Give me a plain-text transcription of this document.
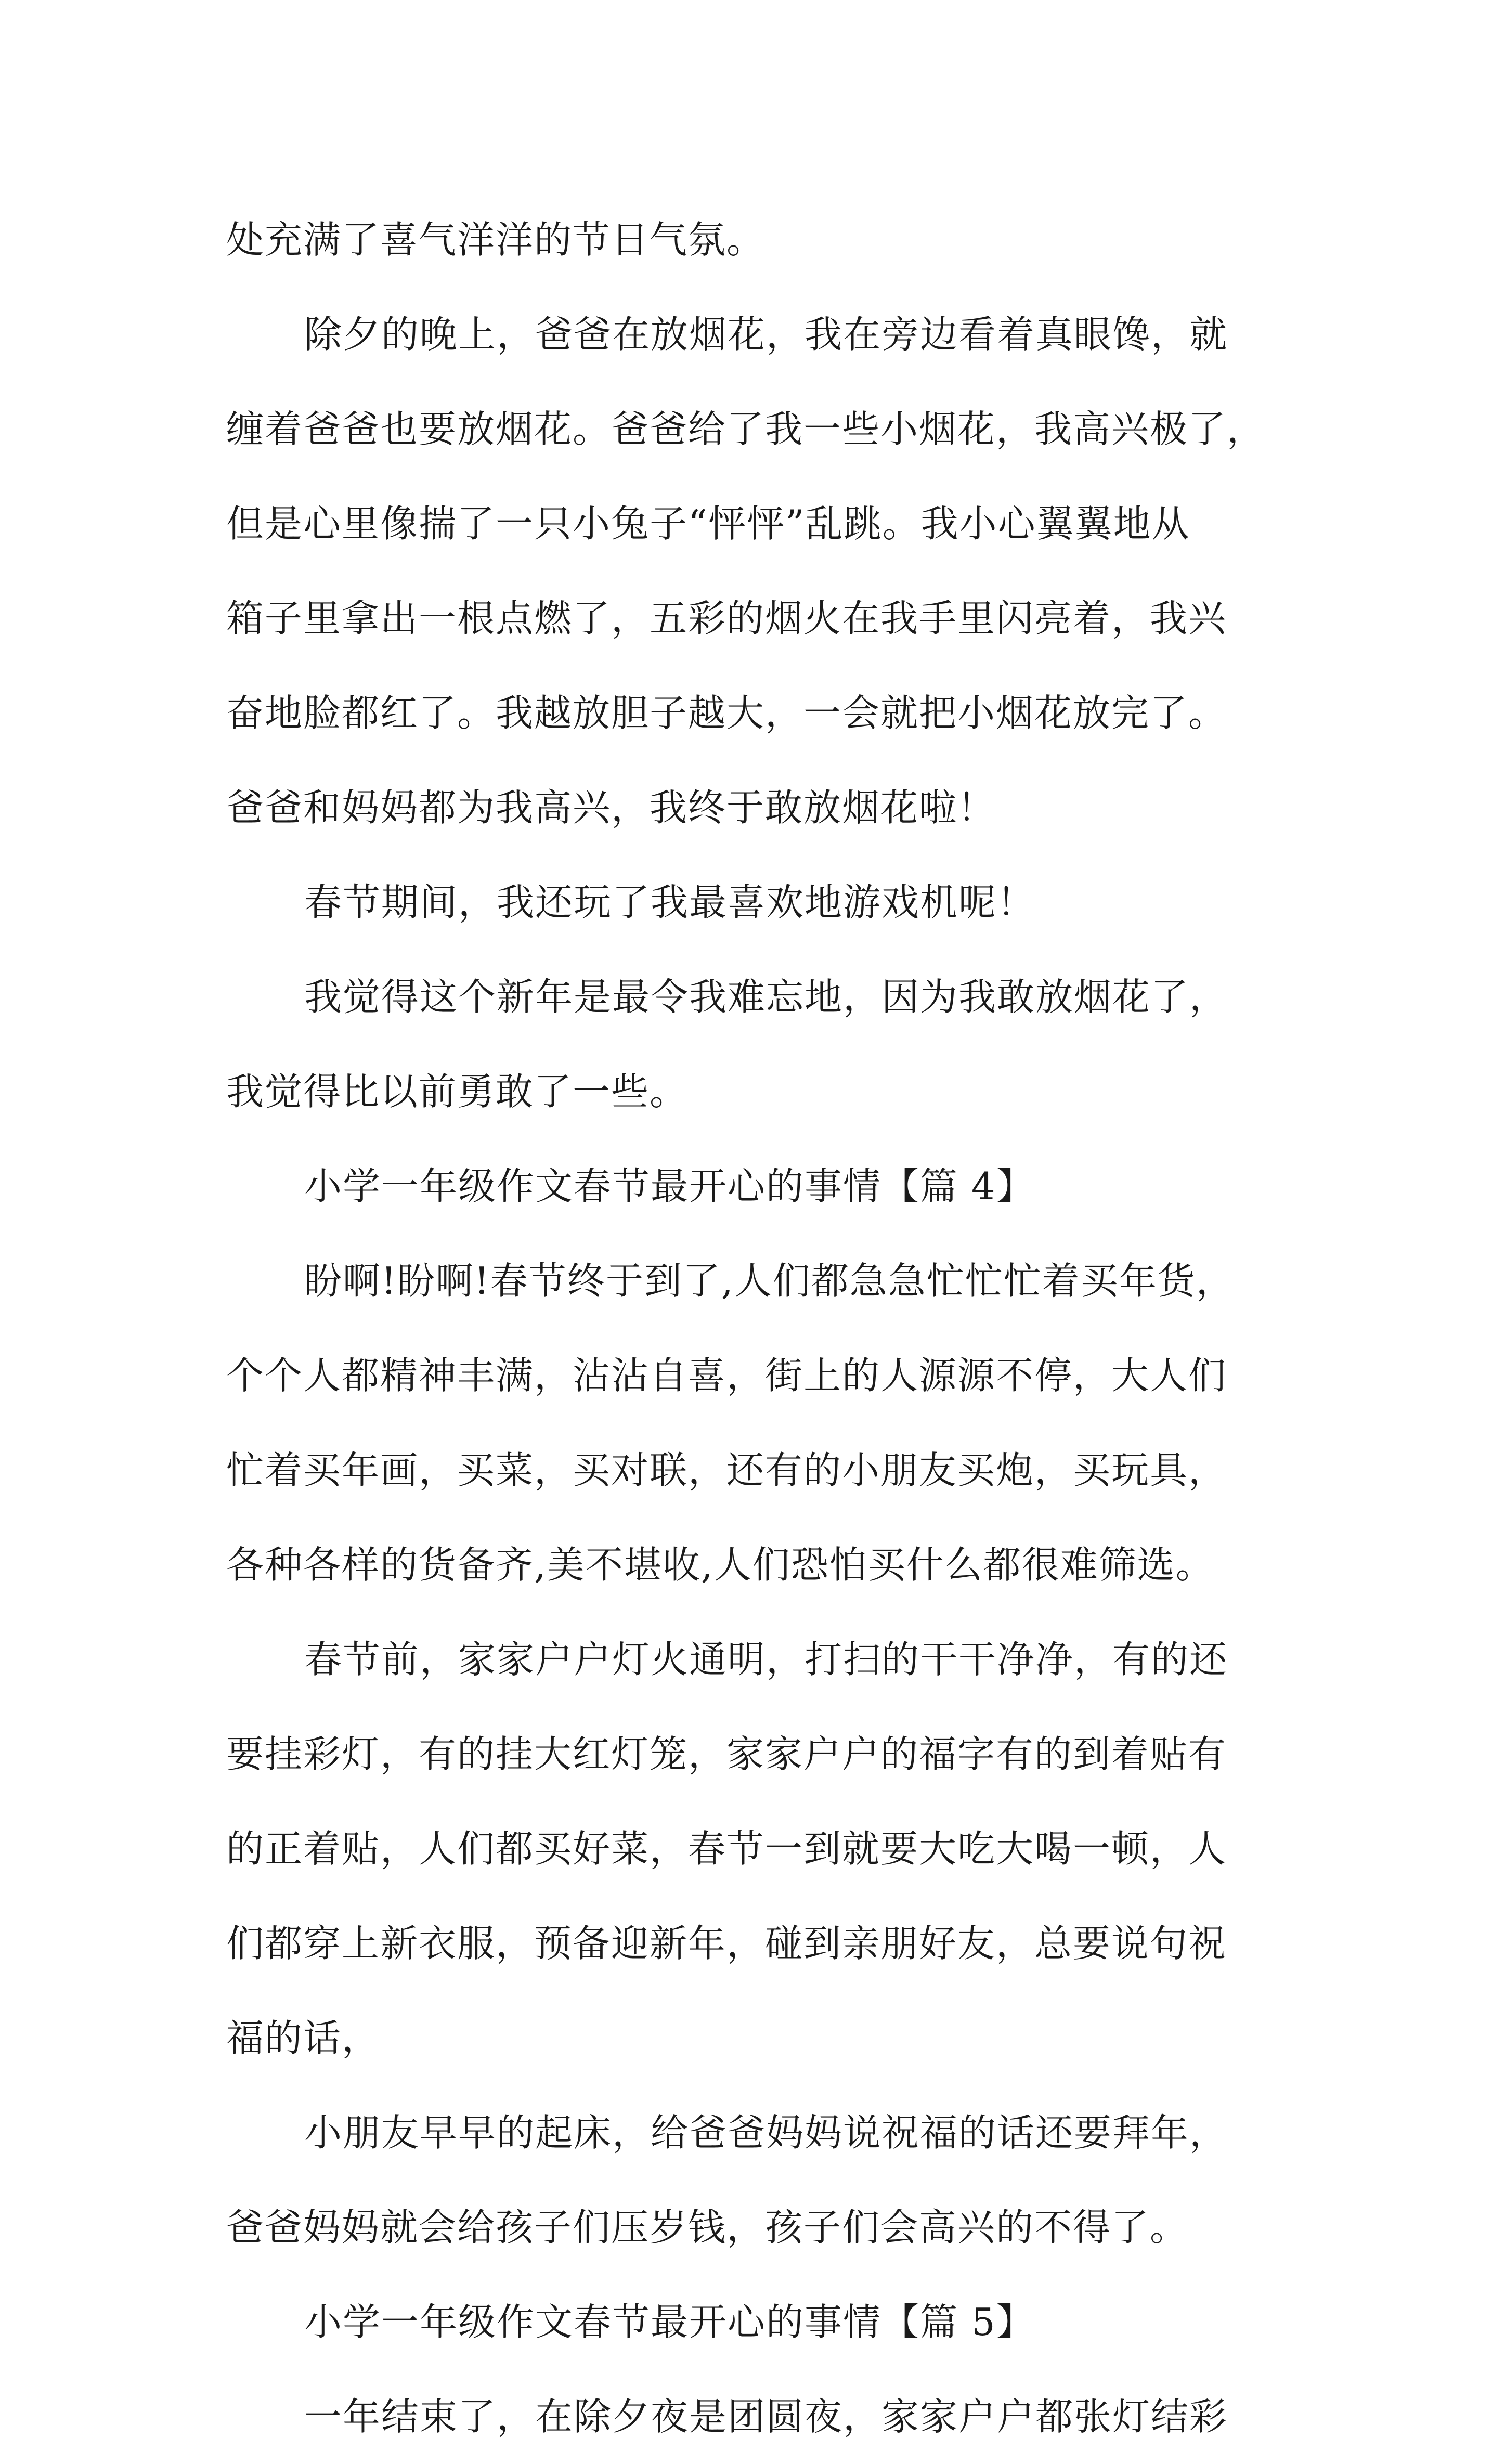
处充满了喜气洋洋的节日气氛。
除夕的晚上，爸爸在放烟花，我在旁边看着真眼馋，就
缠着爸爸也要放烟花。爸爸给了我一些小烟花，我高兴极了，
但是心里像揣了一只小兔子“怦怦”乱跳。我小心翼翼地从
箱子里拿出一根点燃了，五彩的烟火在我手里闪亮着，我兴
奋地脸都红了。我越放胆子越大，一会就把小烟花放完了。
爸爸和妈妈都为我高兴，我终于敢放烟花啦！
春节期间，我还玩了我最喜欢地游戏机呢！
我觉得这个新年是最令我难忘地，因为我敢放烟花了，
我觉得比以前勇敢了一些。
小学一年级作文春节最开心的事情【篇 4】
盼啊!盼啊!春节终于到了,人们都急急忙忙忙着买年货，
个个人都精神丰满，沾沾自喜，街上的人源源不停，大人们
忙着买年画，买菜，买对联，还有的小朋友买炮，买玩具，
各种各样的货备齐,美不堪收,人们恐怕买什么都很难筛选。
春节前，家家户户灯火通明，打扫的干干净净，有的还
要挂彩灯，有的挂大红灯笼，家家户户的福字有的到着贴有
的正着贴，人们都买好菜，春节一到就要大吃大喝一顿，人
们都穿上新衣服，预备迎新年，碰到亲朋好友，总要说句祝
福的话，
小朋友早早的起床，给爸爸妈妈说祝福的话还要拜年，
爸爸妈妈就会给孩子们压岁钱，孩子们会高兴的不得了。
小学一年级作文春节最开心的事情【篇 5】
一年结束了，在除夕夜是团圆夜，家家户户都张灯结彩
